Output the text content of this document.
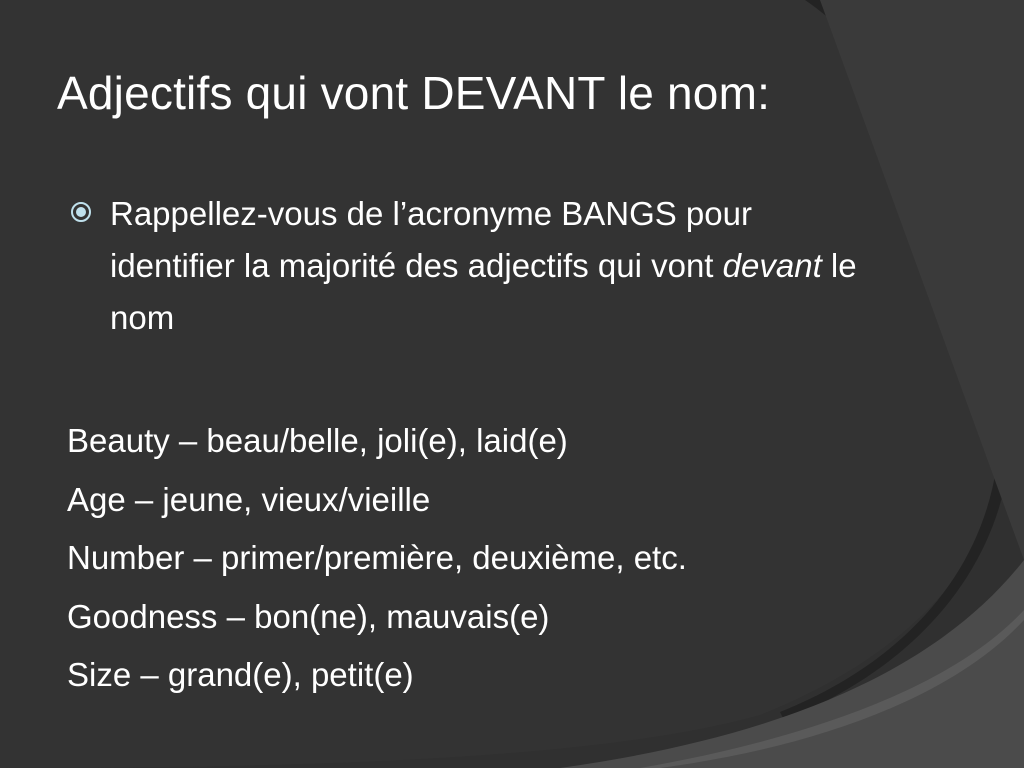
Adjectifs qui vont DEVANT le nom:

Rappellez-vous de l’acronyme BANGS pour identifier la majorité des adjectifs qui vont devant le nom

Beauty – beau/belle, joli(e), laid(e)
Age – jeune, vieux/vieille
Number – primer/première, deuxième, etc.
Goodness – bon(ne), mauvais(e)
Size – grand(e), petit(e)
